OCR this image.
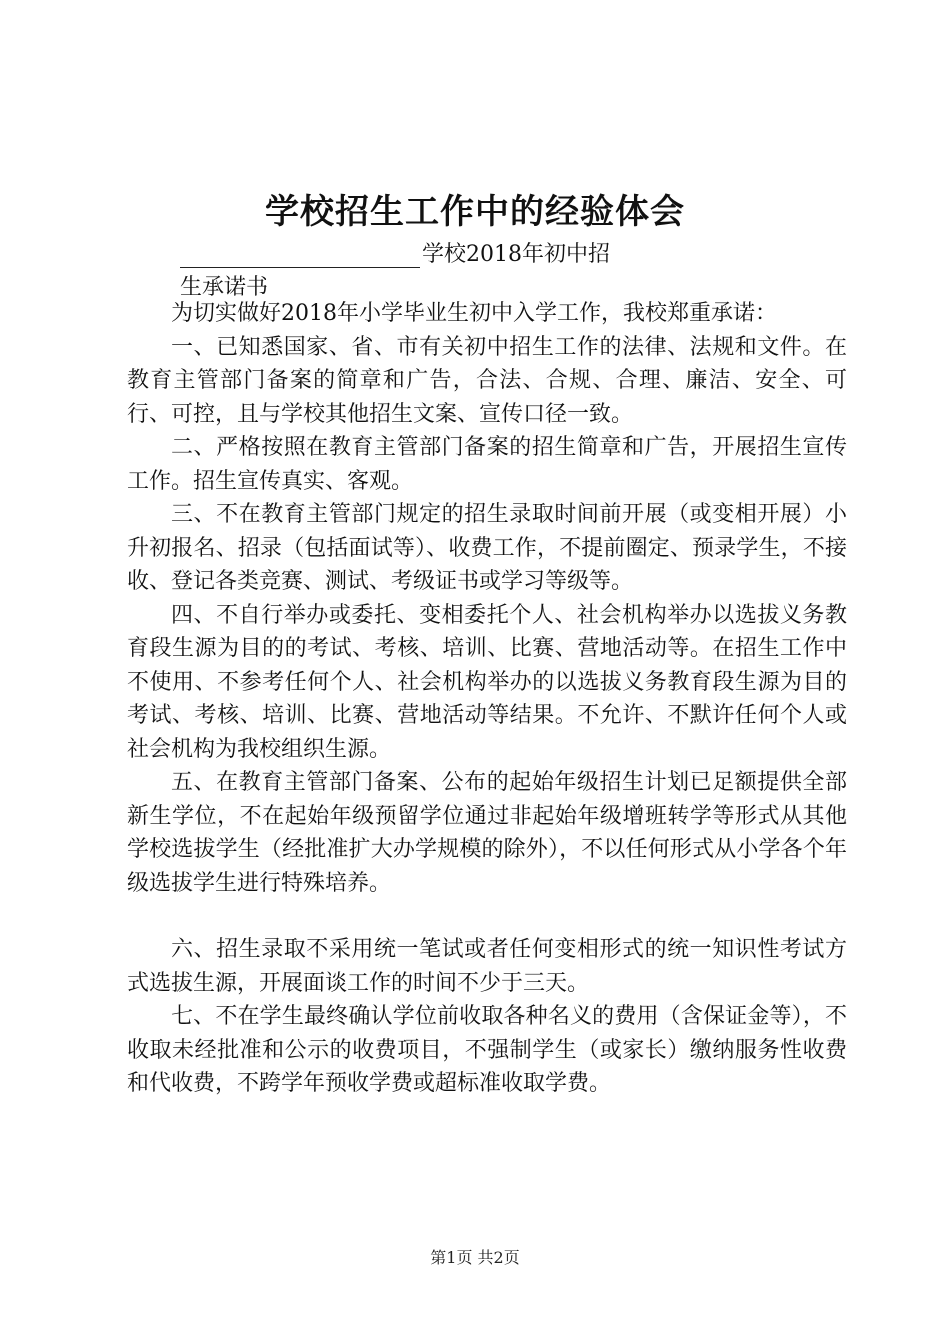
学校招生工作中的经验体会
学校2018年初中招
生承诺书

为切实做好2018年小学毕业生初中入学工作，我校郑重承诺：

一、已知悉国家、省、市有关初中招生工作的法律、法规和文件。在教育主管部门备案的简章和广告，合法、合规、合理、廉洁、安全、可行、可控，且与学校其他招生文案、宣传口径一致。

二、严格按照在教育主管部门备案的招生简章和广告，开展招生宣传工作。招生宣传真实、客观。

三、不在教育主管部门规定的招生录取时间前开展（或变相开展）小升初报名、招录（包括面试等）、收费工作，不提前圈定、预录学生，不接收、登记各类竞赛、测试、考级证书或学习等级等。

四、不自行举办或委托、变相委托个人、社会机构举办以选拔义务教育段生源为目的的考试、考核、培训、比赛、营地活动等。在招生工作中不使用、不参考任何个人、社会机构举办的以选拔义务教育段生源为目的考试、考核、培训、比赛、营地活动等结果。不允许、不默许任何个人或社会机构为我校组织生源。

五、在教育主管部门备案、公布的起始年级招生计划已足额提供全部新生学位，不在起始年级预留学位通过非起始年级增班转学等形式从其他学校选拔学生（经批准扩大办学规模的除外），不以任何形式从小学各个年级选拔学生进行特殊培养。

六、招生录取不采用统一笔试或者任何变相形式的统一知识性考试方式选拔生源，开展面谈工作的时间不少于三天。

七、不在学生最终确认学位前收取各种名义的费用（含保证金等），不收取未经批准和公示的收费项目，不强制学生（或家长）缴纳服务性收费和代收费，不跨学年预收学费或超标准收取学费。

第1页 共2页
